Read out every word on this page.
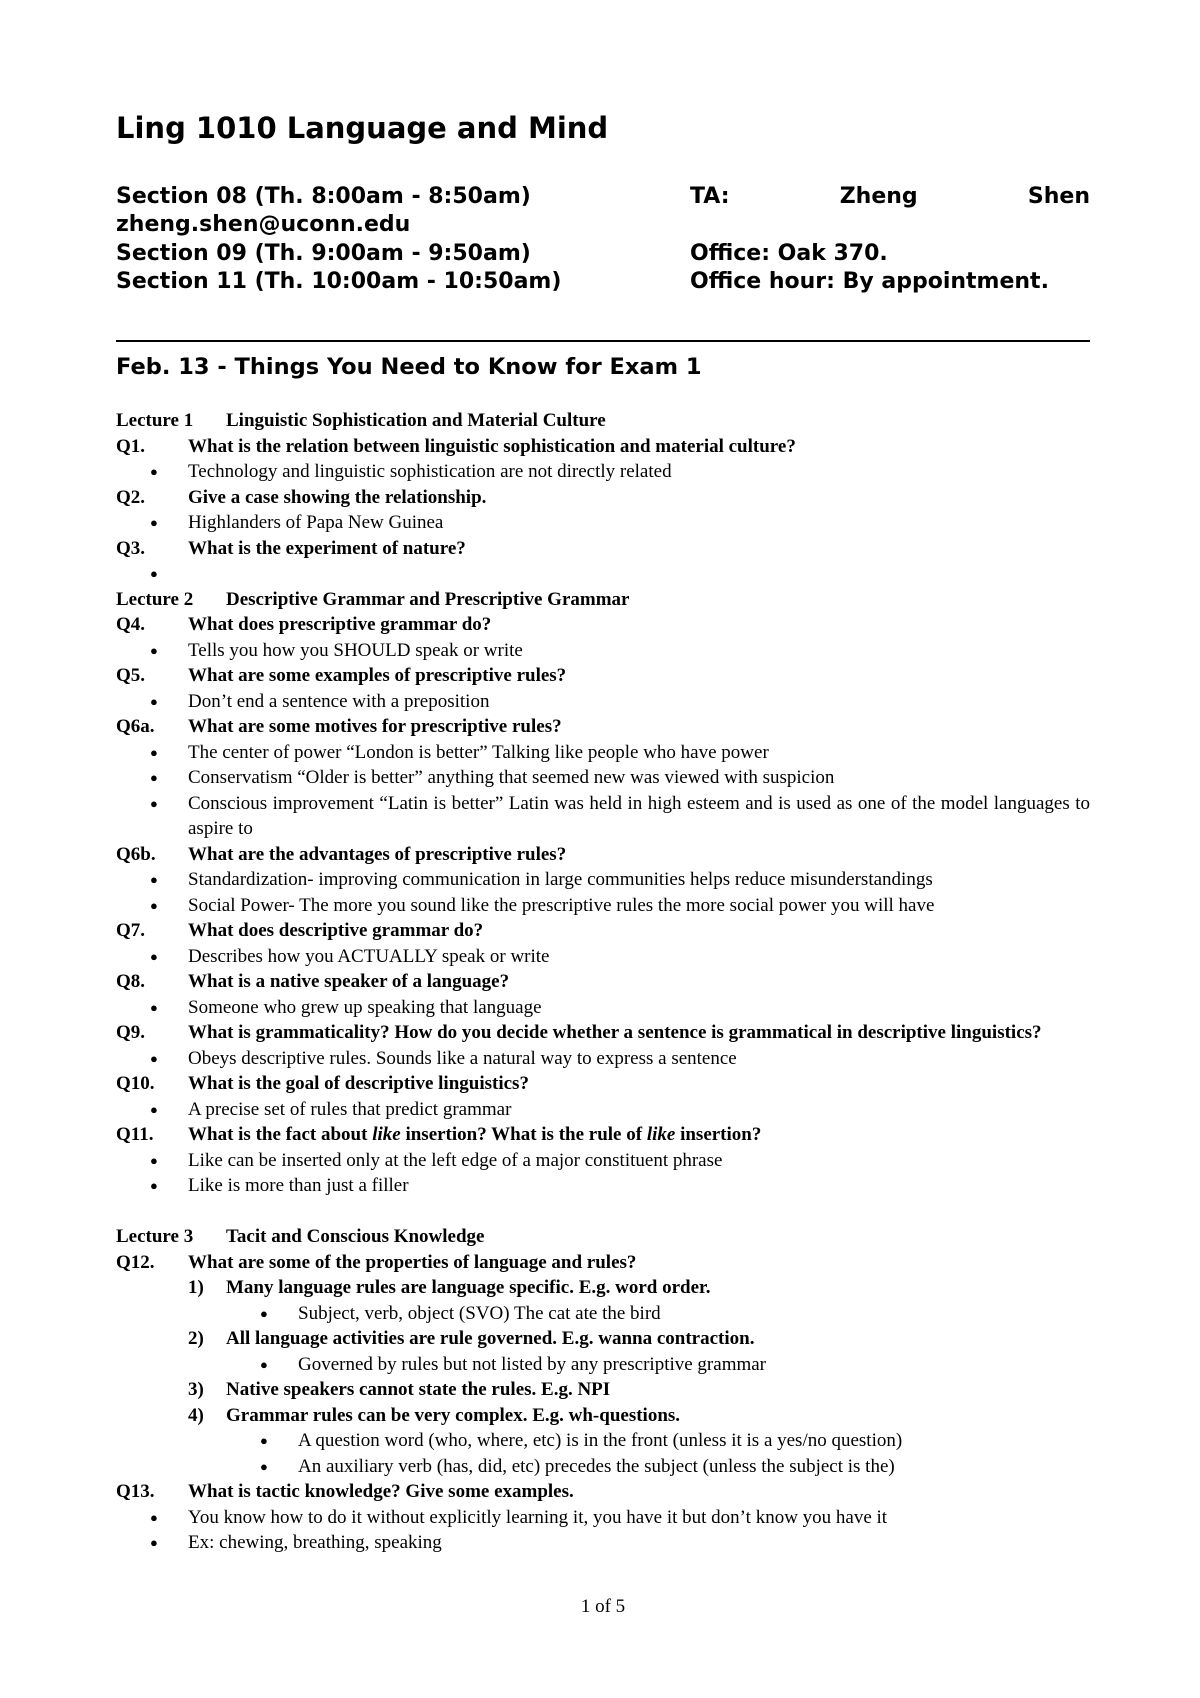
Ling 1010 Language and Mind
Section 08 (Th. 8:00am - 8:50am)	TA:	Zheng	Shen
zheng.shen@uconn.edu
Section 09 (Th. 9:00am - 9:50am)	Office: Oak 370.
Section 11 (Th. 10:00am - 10:50am)	Office hour: By appointment.
Feb. 13 - Things You Need to Know for Exam 1
Lecture 1 Linguistic Sophistication and Material Culture
Q1.	What is the relation between linguistic sophistication and material culture?
●	Technology and linguistic sophistication are not directly related
Q2.	Give a case showing the relationship.
●	Highlanders of Papa New Guinea
Q3.	What is the experiment of nature?
●
Lecture 2 Descriptive Grammar and Prescriptive Grammar
Q4.	What does prescriptive grammar do?
●	Tells you how you SHOULD speak or write
Q5.	What are some examples of prescriptive rules?
●	Don’t end a sentence with a preposition
Q6a.	What are some motives for prescriptive rules?
●	The center of power “London is better” Talking like people who have power
●	Conservatism “Older is better” anything that seemed new was viewed with suspicion
●	Conscious improvement “Latin is better” Latin was held in high esteem and is used as one of the model languages to aspire to
Q6b.	What are the advantages of prescriptive rules?
●	Standardization- improving communication in large communities helps reduce misunderstandings
●	Social Power- The more you sound like the prescriptive rules the more social power you will have
Q7.	What does descriptive grammar do?
●	Describes how you ACTUALLY speak or write
Q8.	What is a native speaker of a language?
●	Someone who grew up speaking that language
Q9.	What is grammaticality? How do you decide whether a sentence is grammatical in descriptive linguistics?
●	Obeys descriptive rules. Sounds like a natural way to express a sentence
Q10.	What is the goal of descriptive linguistics?
●	A precise set of rules that predict grammar
Q11.	What is the fact about like insertion? What is the rule of like insertion?
●	Like can be inserted only at the left edge of a major constituent phrase
●	Like is more than just a filler
Lecture 3 Tacit and Conscious Knowledge
Q12.	What are some of the properties of language and rules?
1)	Many language rules are language specific. E.g. word order.
●	Subject, verb, object (SVO) The cat ate the bird
2)	All language activities are rule governed. E.g. wanna contraction.
●	Governed by rules but not listed by any prescriptive grammar
3)	Native speakers cannot state the rules. E.g. NPI
4)	Grammar rules can be very complex. E.g. wh-questions.
●	A question word (who, where, etc) is in the front (unless it is a yes/no question)
●	An auxiliary verb (has, did, etc) precedes the subject (unless the subject is the)
Q13.	What is tactic knowledge? Give some examples.
●	You know how to do it without explicitly learning it, you have it but don’t know you have it
●	Ex: chewing, breathing, speaking
1 of 5
